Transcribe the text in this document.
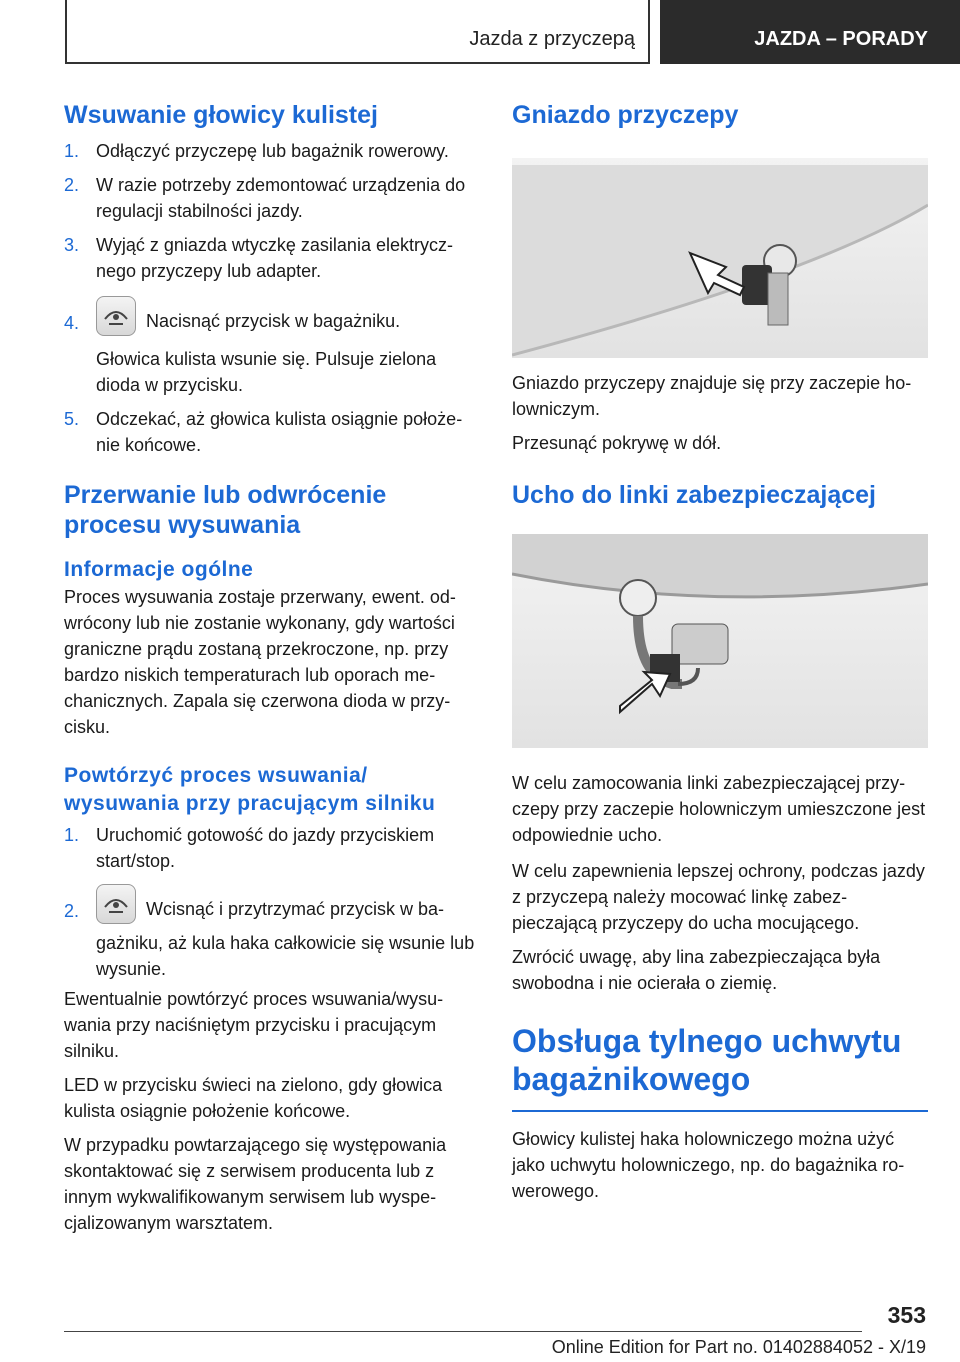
Jazda z przyczepą	JAZDA – PORADY
Wsuwanie głowicy kulistej
1. Odłączyć przyczepę lub bagażnik rowerowy.
2. W razie potrzeby zdemontować urządzenia do regulacji stabilności jazdy.
3. Wyjąć z gniazda wtyczkę zasilania elektrycz-nego przyczepy lub adapter.
4.	Nacisnąć przycisk w bagażniku.

Głowica kulista wsunie się. Pulsuje zielona dioda w przycisku.

5. Odczekać, aż głowica kulista osiągnie położe-nie końcowe.
Przerwanie lub odwrócenie procesu wysuwania
Informacje ogólne

Proces wysuwania zostaje przerwany, ewent. od-wrócony lub nie zostanie wykonany, gdy wartości graniczne prądu zostaną przekroczone, np. przy bardzo niskich temperaturach lub oporach me-chanicznych. Zapala się czerwona dioda w przy-cisku.

Powtórzyć proces wsuwania/ wysuwania przy pracującym silniku
1. Uruchomić gotowość do jazdy przyciskiem start/stop.
2.	Wcisnąć i przytrzymać przycisk w ba-gażniku, aż kula haka całkowicie się wsunie lub wysunie.

Ewentualnie powtórzyć proces wsuwania/wysu-wania przy naciśniętym przycisku i pracującym silniku.

LED w przycisku świeci na zielono, gdy głowica kulista osiągnie położenie końcowe.

W przypadku powtarzającego się występowania skontaktować się z serwisem producenta lub z innym wykwalifikowanym serwisem lub wyspe-cjalizowanym warsztatem.

Gniazdo przyczepy

Gniazdo przyczepy znajduje się przy zaczepie ho-lowniczym.

Przesunąć pokrywę w dół.

Ucho do linki zabezpieczającej

W celu zamocowania linki zabezpieczającej przy-czepy przy zaczepie holowniczym umieszczone jest odpowiednie ucho.

W celu zapewnienia lepszej ochrony, podczas jazdy z przyczepą należy mocować linkę zabez-pieczającą przyczepy do ucha mocującego.

Zwrócić uwagę, aby lina zabezpieczająca była swobodna i nie ocierała o ziemię.

Obsługa tylnego uchwytu bagażnikowego

Głowicy kulistej haka holowniczego można użyć jako uchwytu holowniczego, np. do bagażnika ro-werowego.

353
Online Edition for Part no. 01402884052 - X/19
